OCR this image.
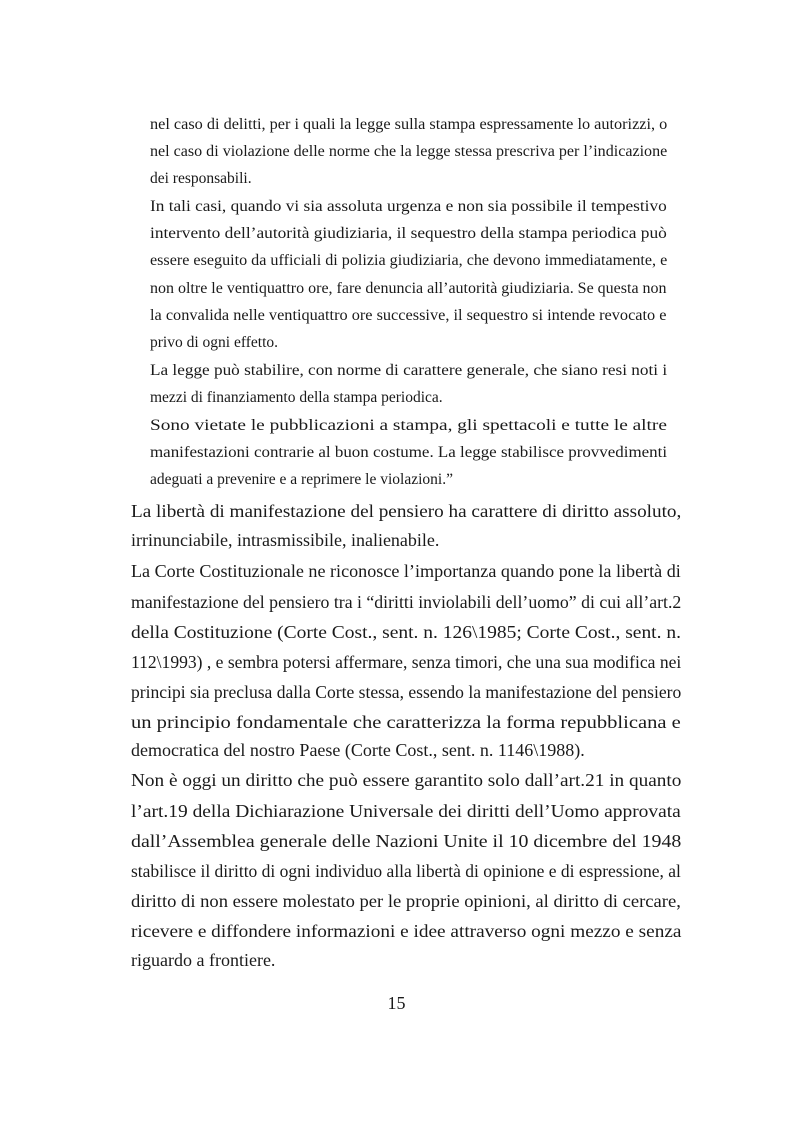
nel caso di delitti, per i quali la legge sulla stampa espressamente lo autorizzi, o

nel caso di violazione delle norme che la legge stessa prescriva per l’indicazione

dei responsabili.

In tali casi, quando vi sia assoluta urgenza e non sia possibile il tempestivo

intervento dell’autorità giudiziaria, il sequestro della stampa periodica può

essere eseguito da ufficiali di polizia giudiziaria, che devono immediatamente, e

non oltre le ventiquattro ore, fare denuncia all’autorità giudiziaria. Se questa non

la convalida nelle ventiquattro ore successive, il sequestro si intende revocato e

privo di ogni effetto.

La legge può stabilire, con norme di carattere generale, che siano resi noti i

mezzi di finanziamento della stampa periodica.

Sono vietate le pubblicazioni a stampa, gli spettacoli e tutte le altre

manifestazioni contrarie al buon costume. La legge stabilisce provvedimenti

adeguati a prevenire e a reprimere le violazioni.”

La libertà di manifestazione del pensiero ha carattere di diritto assoluto,

irrinunciabile, intrasmissibile, inalienabile.

La Corte Costituzionale ne riconosce l’importanza quando pone la libertà di

manifestazione del pensiero tra i “diritti inviolabili dell’uomo” di cui all’art.2

della Costituzione (Corte Cost., sent. n. 126\1985; Corte Cost., sent. n.

112\1993) , e sembra potersi affermare, senza timori, che una sua modifica nei

principi sia preclusa dalla Corte stessa, essendo la manifestazione del pensiero

un principio fondamentale che caratterizza la forma repubblicana e

democratica del nostro Paese (Corte Cost., sent. n. 1146\1988).

Non è oggi un diritto che può essere garantito solo dall’art.21 in quanto

l’art.19 della Dichiarazione Universale dei diritti dell’Uomo approvata

dall’Assemblea generale delle Nazioni Unite il 10 dicembre del 1948

stabilisce il diritto di ogni individuo alla libertà di opinione e di espressione, al

diritto di non essere molestato per le proprie opinioni, al diritto di cercare,

ricevere e diffondere informazioni e idee attraverso ogni mezzo e senza

riguardo a frontiere.

15
